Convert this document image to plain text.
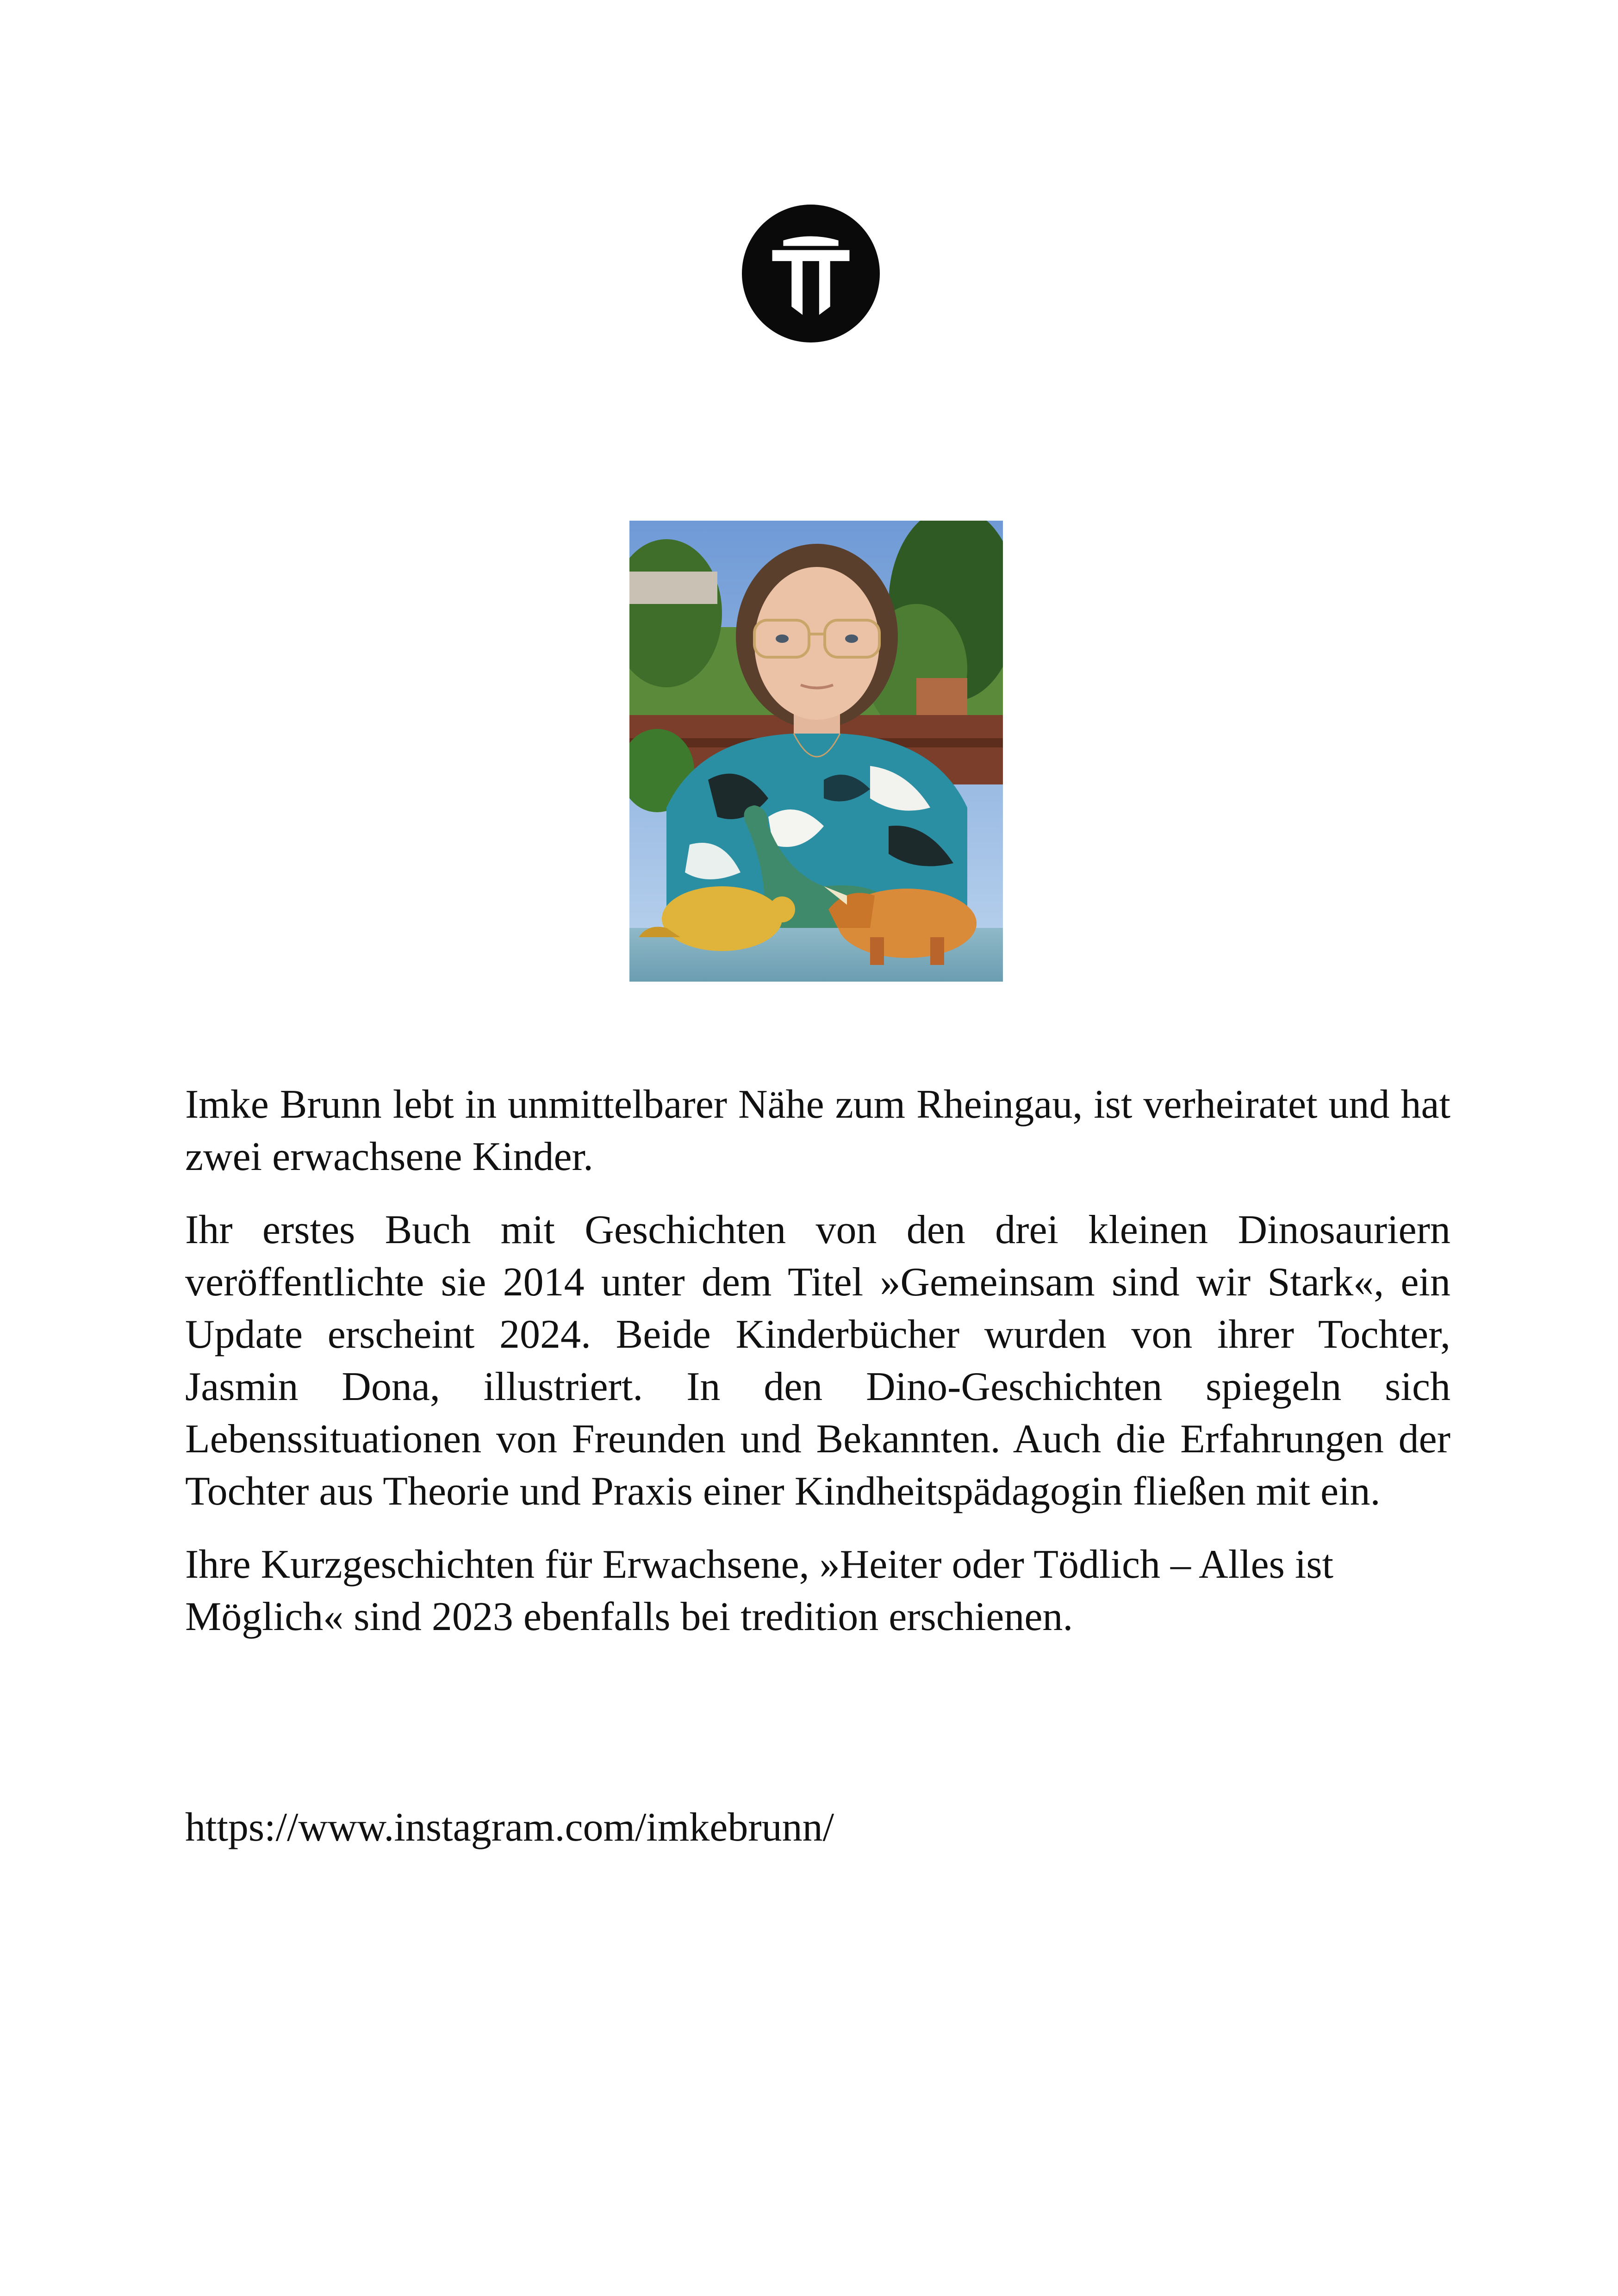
Imke Brunn lebt in unmittelbarer Nähe zum Rheingau, ist verheiratet und hat zwei erwachsene Kinder.

Ihr erstes Buch mit Geschichten von den drei kleinen Dinosauriern veröffentlichte sie 2014 unter dem Titel »Gemeinsam sind wir Stark«, ein Update erscheint 2024. Beide Kinderbücher wurden von ihrer Tochter, Jasmin Dona, illustriert. In den Dino-Geschichten spiegeln sich Lebenssituationen von Freunden und Bekannten. Auch die Erfahrungen der Tochter aus Theorie und Praxis einer Kindheitspädagogin fließen mit ein.

Ihre Kurzgeschichten für Erwachsene, »Heiter oder Tödlich – Alles ist Möglich« sind 2023 ebenfalls bei tredition erschienen.

https://www.instagram.com/imkebrunn/
